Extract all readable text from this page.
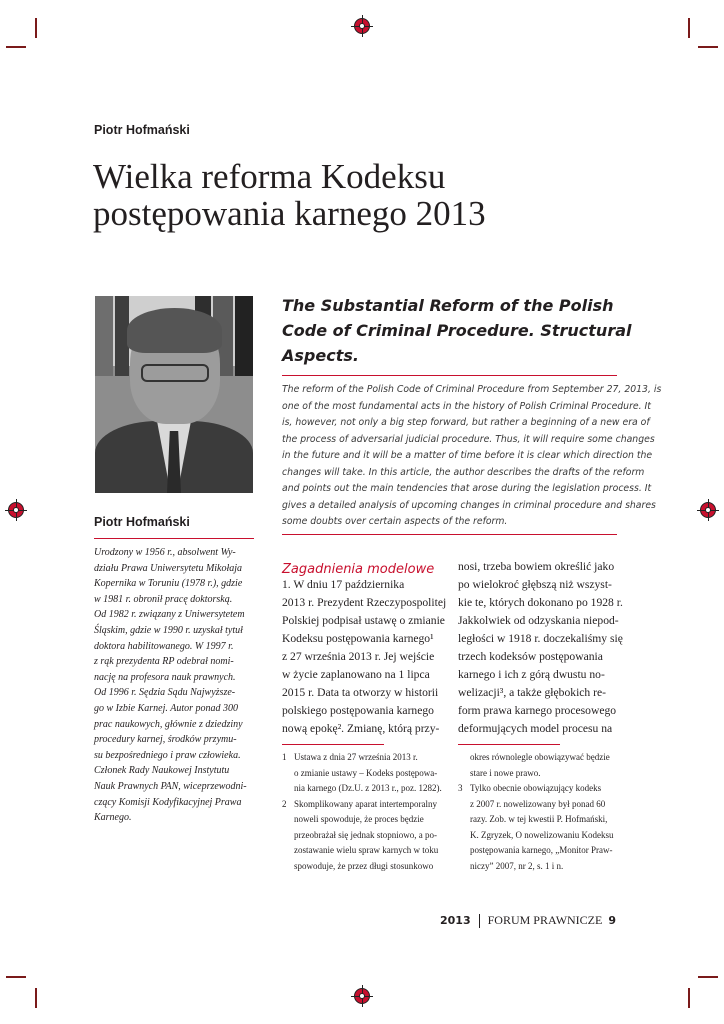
Piotr Hofmański
Wielka reforma Kodeksu
postępowania karnego 2013
Piotr Hofmański
Urodzony w 1956 r., absolwent Wy-
działu Prawa Uniwersytetu Mikołaja
Kopernika w Toruniu (1978 r.), gdzie
w 1981 r. obronił pracę doktorską.
Od 1982 r. związany z Uniwersytetem
Śląskim, gdzie w 1990 r. uzyskał tytuł
doktora habilitowanego. W 1997 r.
z rąk prezydenta RP odebrał nomi-
nację na profesora nauk prawnych.
Od 1996 r. Sędzia Sądu Najwyższe-
go w Izbie Karnej. Autor ponad 300
prac naukowych, głównie z dziedziny
procedury karnej, środków przymu-
su bezpośredniego i praw człowieka.
Członek Rady Naukowej Instytutu
Nauk Prawnych PAN, wiceprzewodni-
czący Komisji Kodyfikacyjnej Prawa
Karnego.
The Substantial Reform of the Polish
Code of Criminal Procedure. Structural
Aspects.
The reform of the Polish Code of Criminal Procedure from September 27, 2013, is
one of the most fundamental acts in the history of Polish Criminal Procedure. It
is, however, not only a big step forward, but rather a beginning of a new era of
the process of adversarial judicial procedure. Thus, it will require some changes
in the future and it will be a matter of time before it is clear which direction the
changes will take. In this article, the author describes the drafts of the reform
and points out the main tendencies that arose during the legislation process. It
gives a detailed analysis of upcoming changes in criminal procedure and shares
some doubts over certain aspects of the reform.
Zagadnienia modelowe
1. W dniu 17 października
2013 r. Prezydent Rzeczypospolitej
Polskiej podpisał ustawę o zmianie
Kodeksu postępowania karnego¹
z 27 września 2013 r. Jej wejście
w życie zaplanowano na 1 lipca
2015 r. Data ta otworzy w historii
polskiego postępowania karnego
nową epokę². Zmianę, którą przy-
nosi, trzeba bowiem określić jako
po wielokroć głębszą niż wszyst-
kie te, których dokonano po 1928 r.
Jakkolwiek od odzyskania niepod-
ległości w 1918 r. doczekaliśmy się
trzech kodeksów postępowania
karnego i ich z górą dwustu no-
welizacji³, a także głębokich re-
form prawa karnego procesowego
deformujących model procesu na
1 Ustawa z dnia 27 września 2013 r.
o zmianie ustawy – Kodeks postępowa-
nia karnego (Dz.U. z 2013 r., poz. 1282).
2 Skomplikowany aparat intertemporalny
noweli spowoduje, że proces będzie
przeobrażał się jednak stopniowo, a po-
zostawanie wielu spraw karnych w toku
spowoduje, że przez długi stosunkowo
okres równolegle obowiązywać będzie
stare i nowe prawo.
3 Tylko obecnie obowiązujący kodeks
z 2007 r. nowelizowany był ponad 60
razy. Zob. w tej kwestii P. Hofmański,
K. Zgryzek, O nowelizowaniu Kodeksu
postępowania karnego, „Monitor Praw-
niczy” 2007, nr 2, s. 1 i n.
2013 FORUM PRAWNICZE 9
